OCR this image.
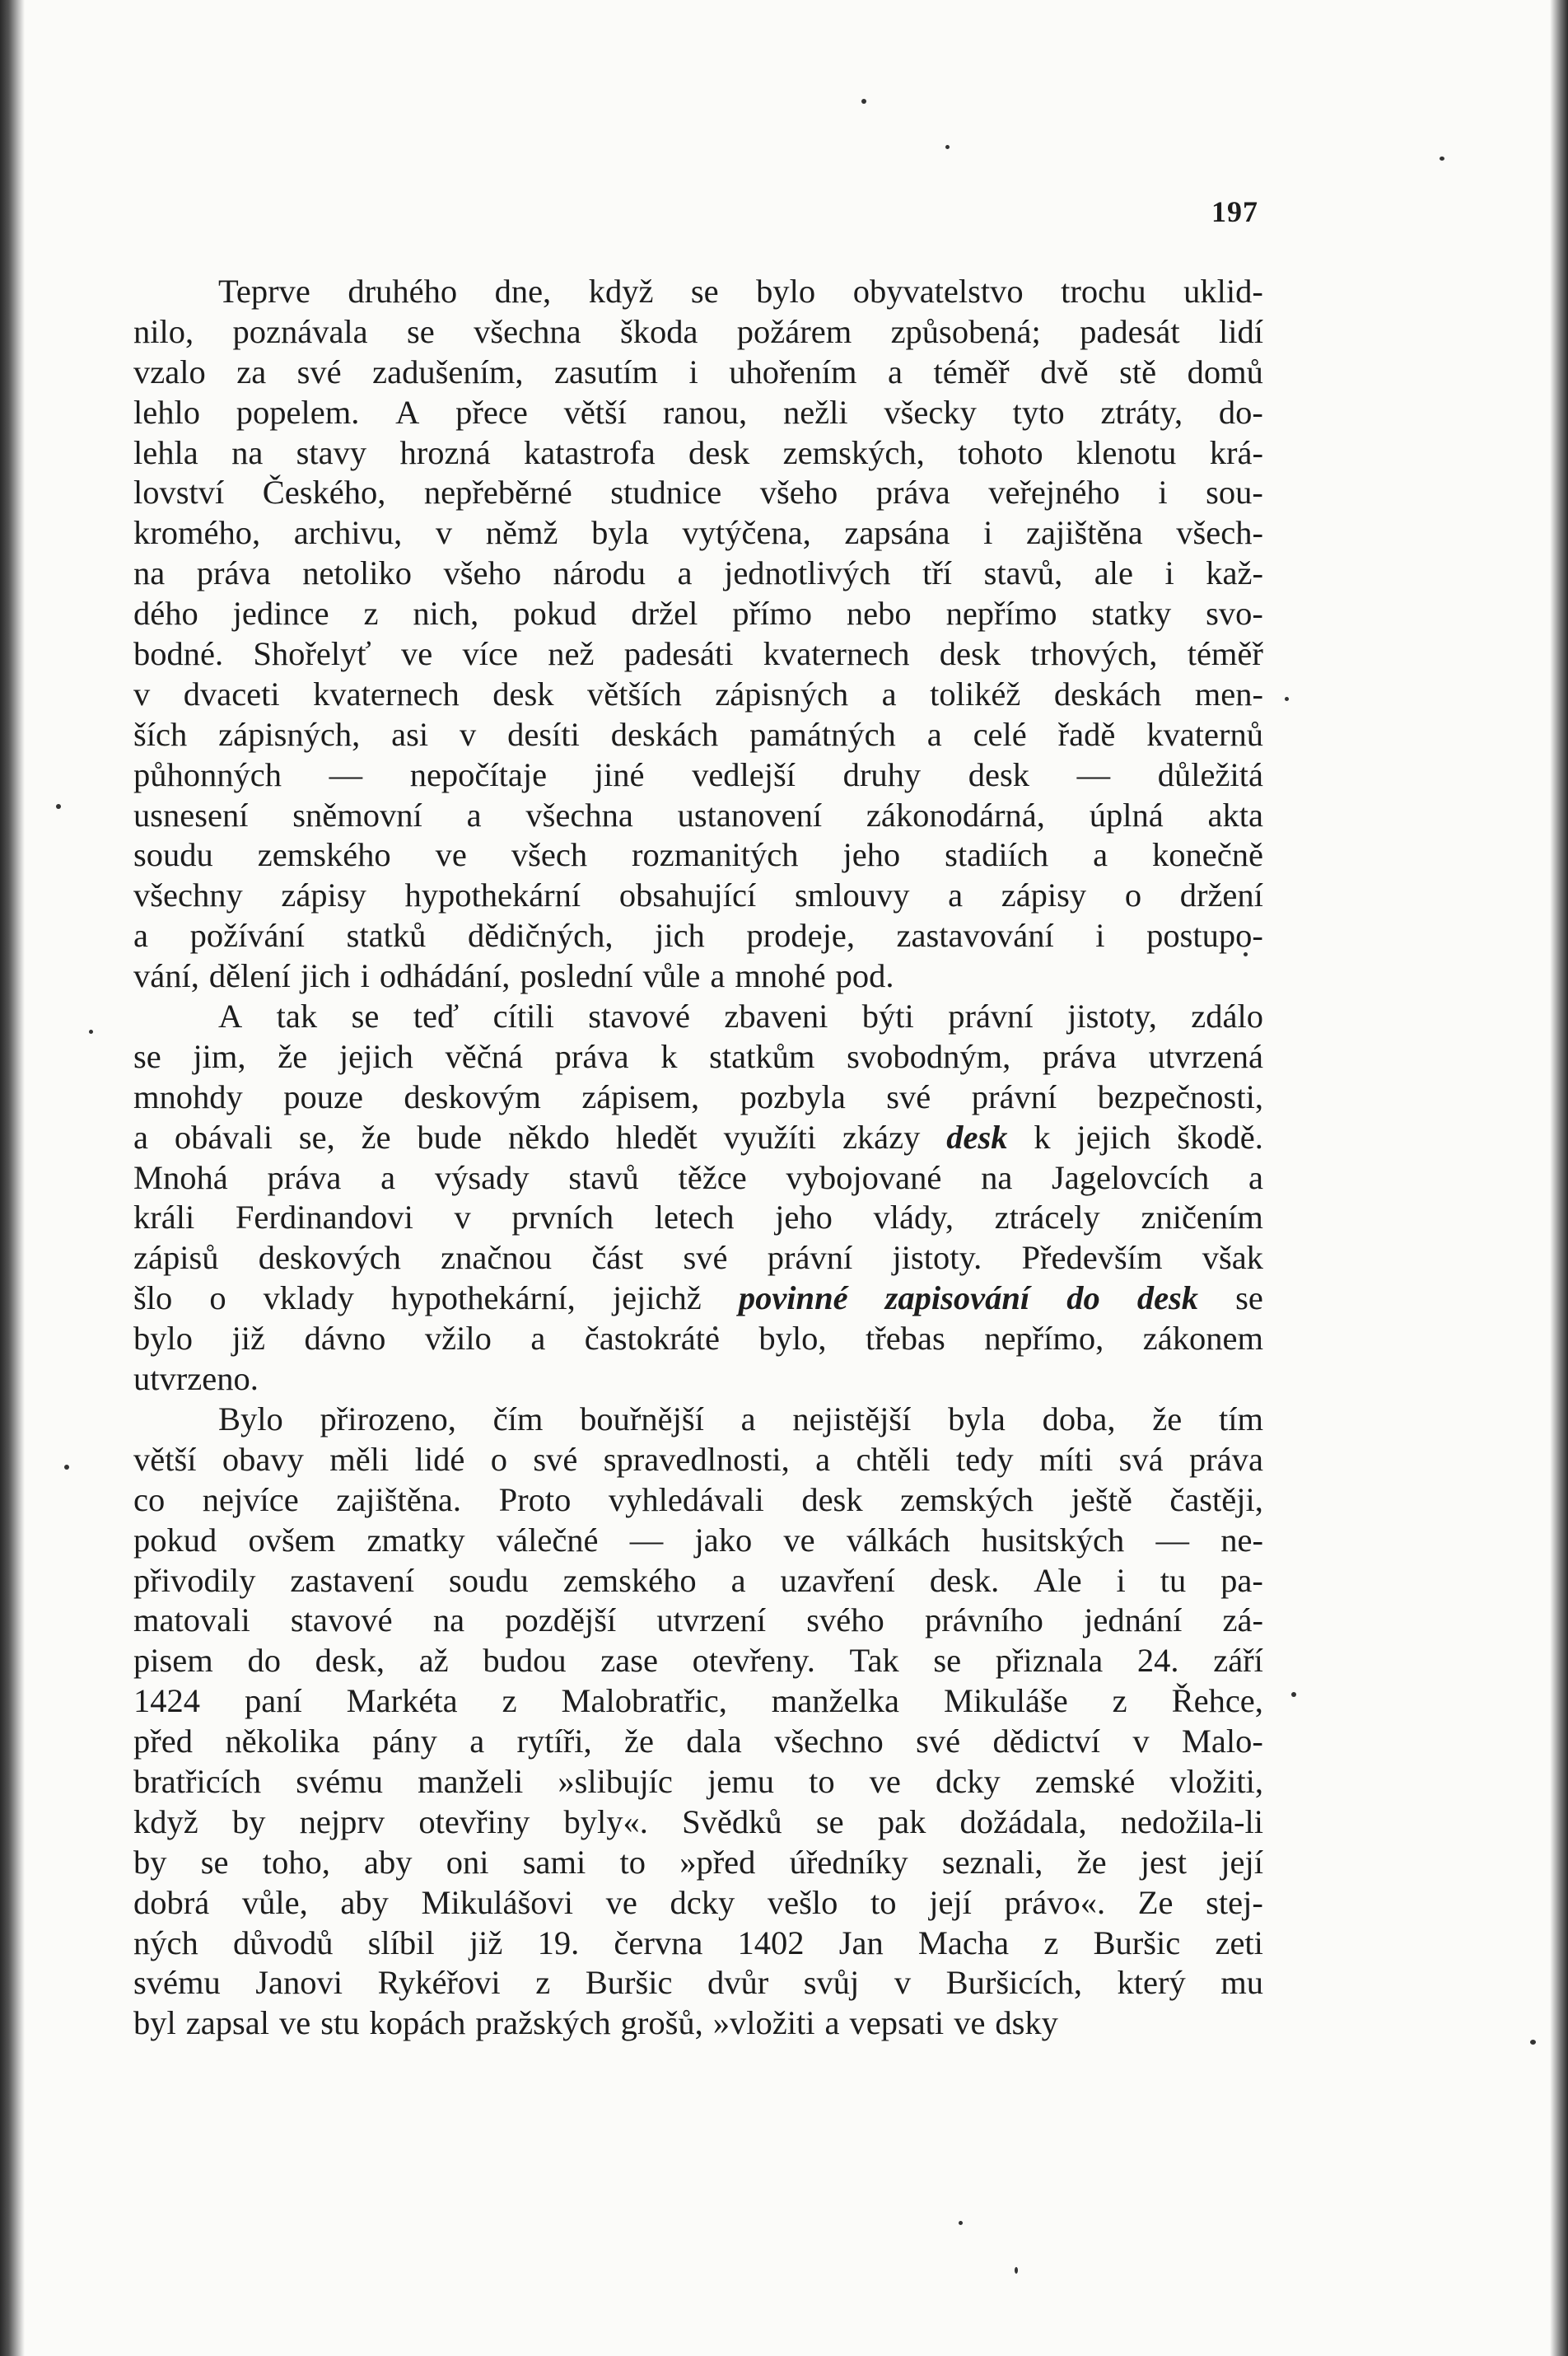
197
Teprve druhého dne, když se bylo obyvatelstvo trochu uklid-
nilo, poznávala se všechna škoda požárem způsobená; padesát lidí
vzalo za své zadušením, zasutím i uhořením a téměř dvě stě domů
lehlo popelem. A přece větší ranou, nežli všecky tyto ztráty, do-
lehla na stavy hrozná katastrofa desk zemských, tohoto klenotu krá-
lovství Českého, nepřeběrné studnice všeho práva veřejného i sou-
kromého, archivu, v němž byla vytýčena, zapsána i zajištěna všech-
na práva netoliko všeho národu a jednotlivých tří stavů, ale i kaž-
dého jedince z nich, pokud držel přímo nebo nepřímo statky svo-
bodné. Shořelyť ve více než padesáti kvaternech desk trhových, téměř
v dvaceti kvaternech desk větších zápisných a tolikéž deskách men-
ších zápisných, asi v desíti deskách památných a celé řadě kvaternů
půhonných — nepočítaje jiné vedlejší druhy desk — důležitá
usnesení sněmovní a všechna ustanovení zákonodárná, úplná akta
soudu zemského ve všech rozmanitých jeho stadiích a konečně
všechny zápisy hypothekární obsahující smlouvy a zápisy o držení
a požívání statků dědičných, jich prodeje, zastavování i postupo-
vání, dělení jich i odhádání, poslední vůle a mnohé pod.
A tak se teď cítili stavové zbaveni býti právní jistoty, zdálo
se jim, že jejich věčná práva k statkům svobodným, práva utvrzená
mnohdy pouze deskovým zápisem, pozbyla své právní bezpečnosti,
a obávali se, že bude někdo hledět využíti zkázy desk k jejich škodě.
Mnohá práva a výsady stavů těžce vybojované na Jagelovcích a
králi Ferdinandovi v prvních letech jeho vlády, ztrácely zničením
zápisů deskových značnou část své právní jistoty. Především však
šlo o vklady hypothekární, jejichž povinné zapisování do desk se
bylo již dávno vžilo a častokráte bylo, třebas nepřímo, zákonem
utvrzeno.
Bylo přirozeno, čím bouřnější a nejistější byla doba, že tím
větší obavy měli lidé o své spravedlnosti, a chtěli tedy míti svá práva
co nejvíce zajištěna. Proto vyhledávali desk zemských ještě častěji,
pokud ovšem zmatky válečné — jako ve válkách husitských — ne-
přivodily zastavení soudu zemského a uzavření desk. Ale i tu pa-
matovali stavové na pozdější utvrzení svého právního jednání zá-
pisem do desk, až budou zase otevřeny. Tak se přiznala 24. září
1424 paní Markéta z Malobratřic, manželka Mikuláše z Řehce,
před několika pány a rytíři, že dala všechno své dědictví v Malo-
bratřicích svému manželi »slibujíc jemu to ve dcky zemské vložiti,
když by nejprv otevřiny byly«. Svědků se pak dožádala, nedožila-li
by se toho, aby oni sami to »před úředníky seznali, že jest její
dobrá vůle, aby Mikulášovi ve dcky vešlo to její právo«. Ze stej-
ných důvodů slíbil již 19. června 1402 Jan Macha z Buršic zeti
svému Janovi Rykéřovi z Buršic dvůr svůj v Buršicích, který mu
byl zapsal ve stu kopách pražských grošů, »vložiti a vepsati ve dsky
